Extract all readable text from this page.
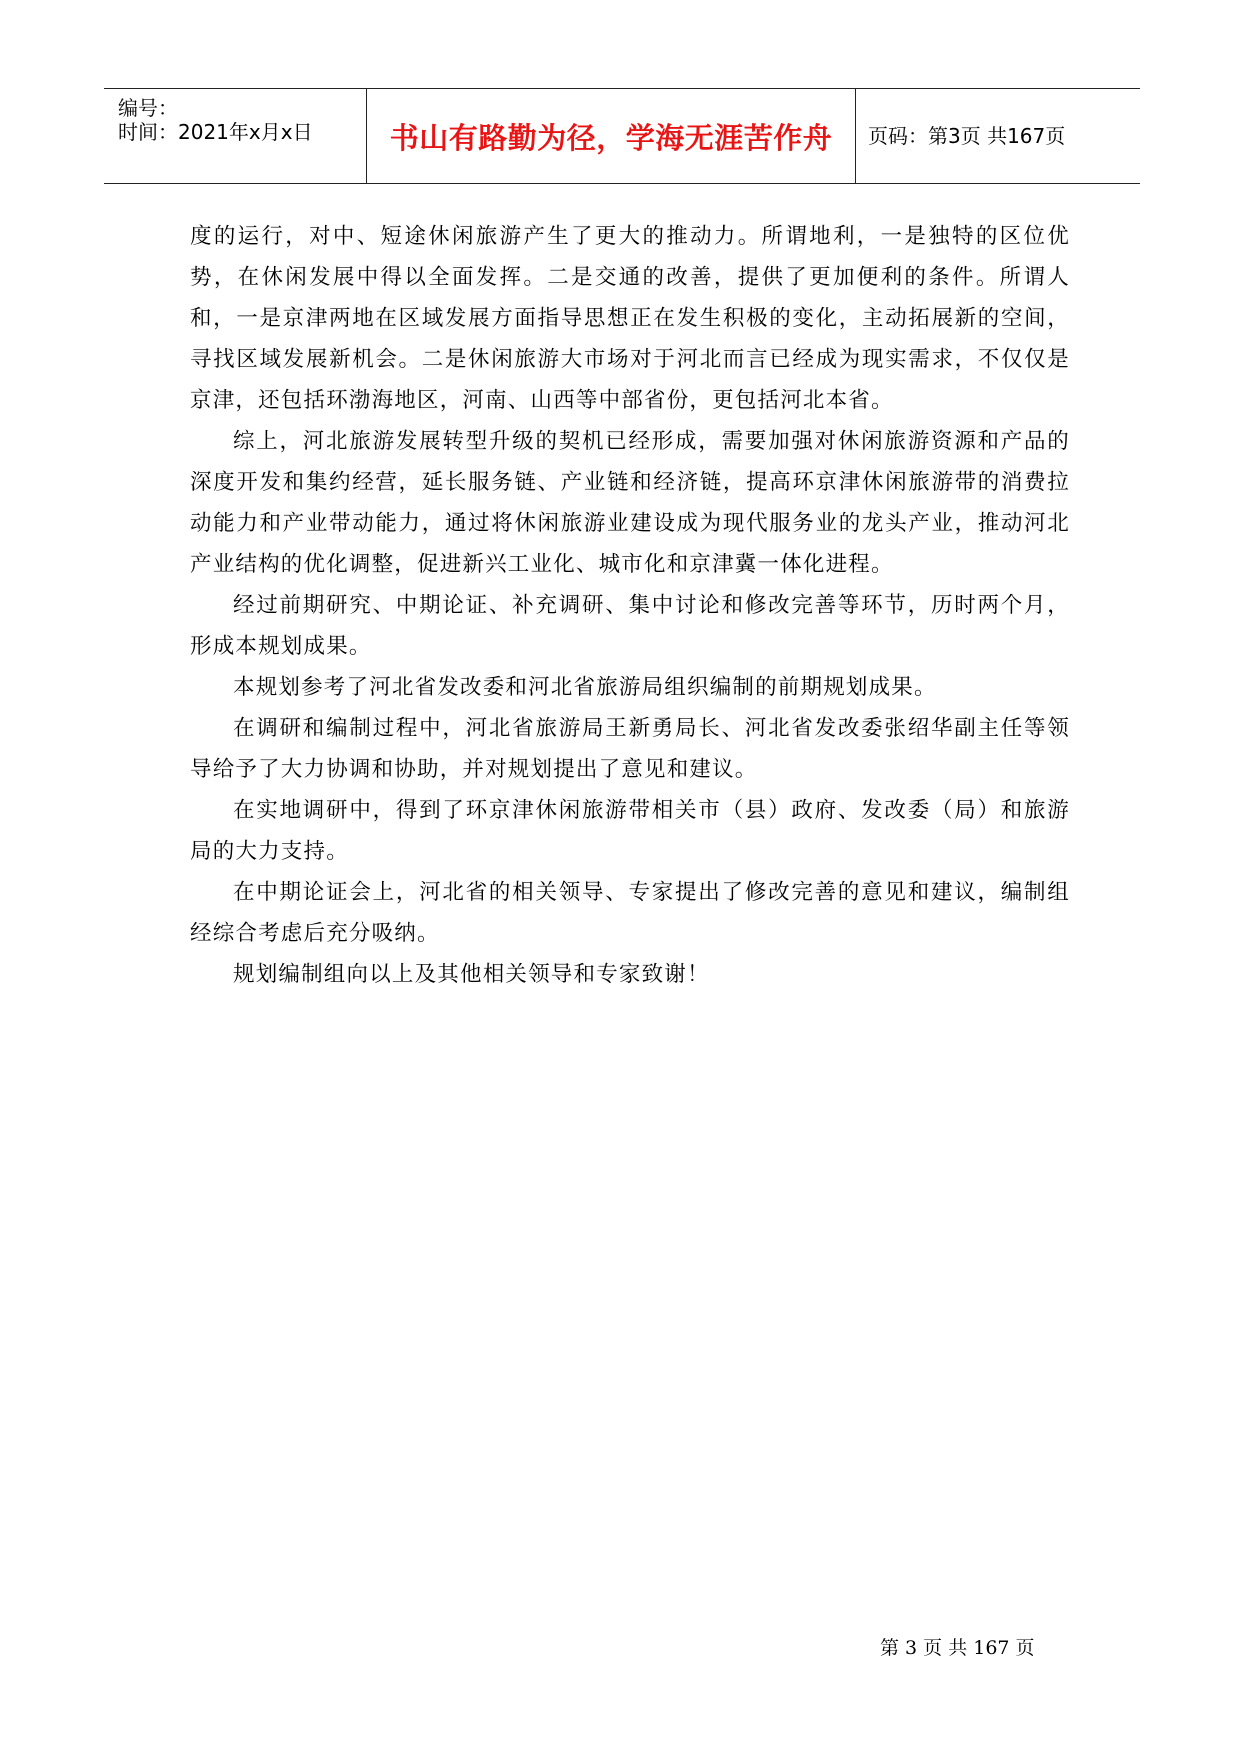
编号：
时间：2021年x月x日	书山有路勤为径，学海无涯苦作舟 页码：第3页 共167页

度的运行，对中、短途休闲旅游产生了更大的推动力。所谓地利，一是独特的区位优势，在休闲发展中得以全面发挥。二是交通的改善，提供了更加便利的条件。所谓人和，一是京津两地在区域发展方面指导思想正在发生积极的变化，主动拓展新的空间，寻找区域发展新机会。二是休闲旅游大市场对于河北而言已经成为现实需求，不仅仅是京津，还包括环渤海地区，河南、山西等中部省份，更包括河北本省。

综上，河北旅游发展转型升级的契机已经形成，需要加强对休闲旅游资源和产品的深度开发和集约经营，延长服务链、产业链和经济链，提高环京津休闲旅游带的消费拉动能力和产业带动能力，通过将休闲旅游业建设成为现代服务业的龙头产业，推动河北产业结构的优化调整，促进新兴工业化、城市化和京津冀一体化进程。

经过前期研究、中期论证、补充调研、集中讨论和修改完善等环节，历时两个月，形成本规划成果。

本规划参考了河北省发改委和河北省旅游局组织编制的前期规划成果。

在调研和编制过程中，河北省旅游局王新勇局长、河北省发改委张绍华副主任等领导给予了大力协调和协助，并对规划提出了意见和建议。

在实地调研中，得到了环京津休闲旅游带相关市（县）政府、发改委（局）和旅游局的大力支持。

在中期论证会上，河北省的相关领导、专家提出了修改完善的意见和建议，编制组经综合考虑后充分吸纳。

规划编制组向以上及其他相关领导和专家致谢！

第 3 页 共 167 页
